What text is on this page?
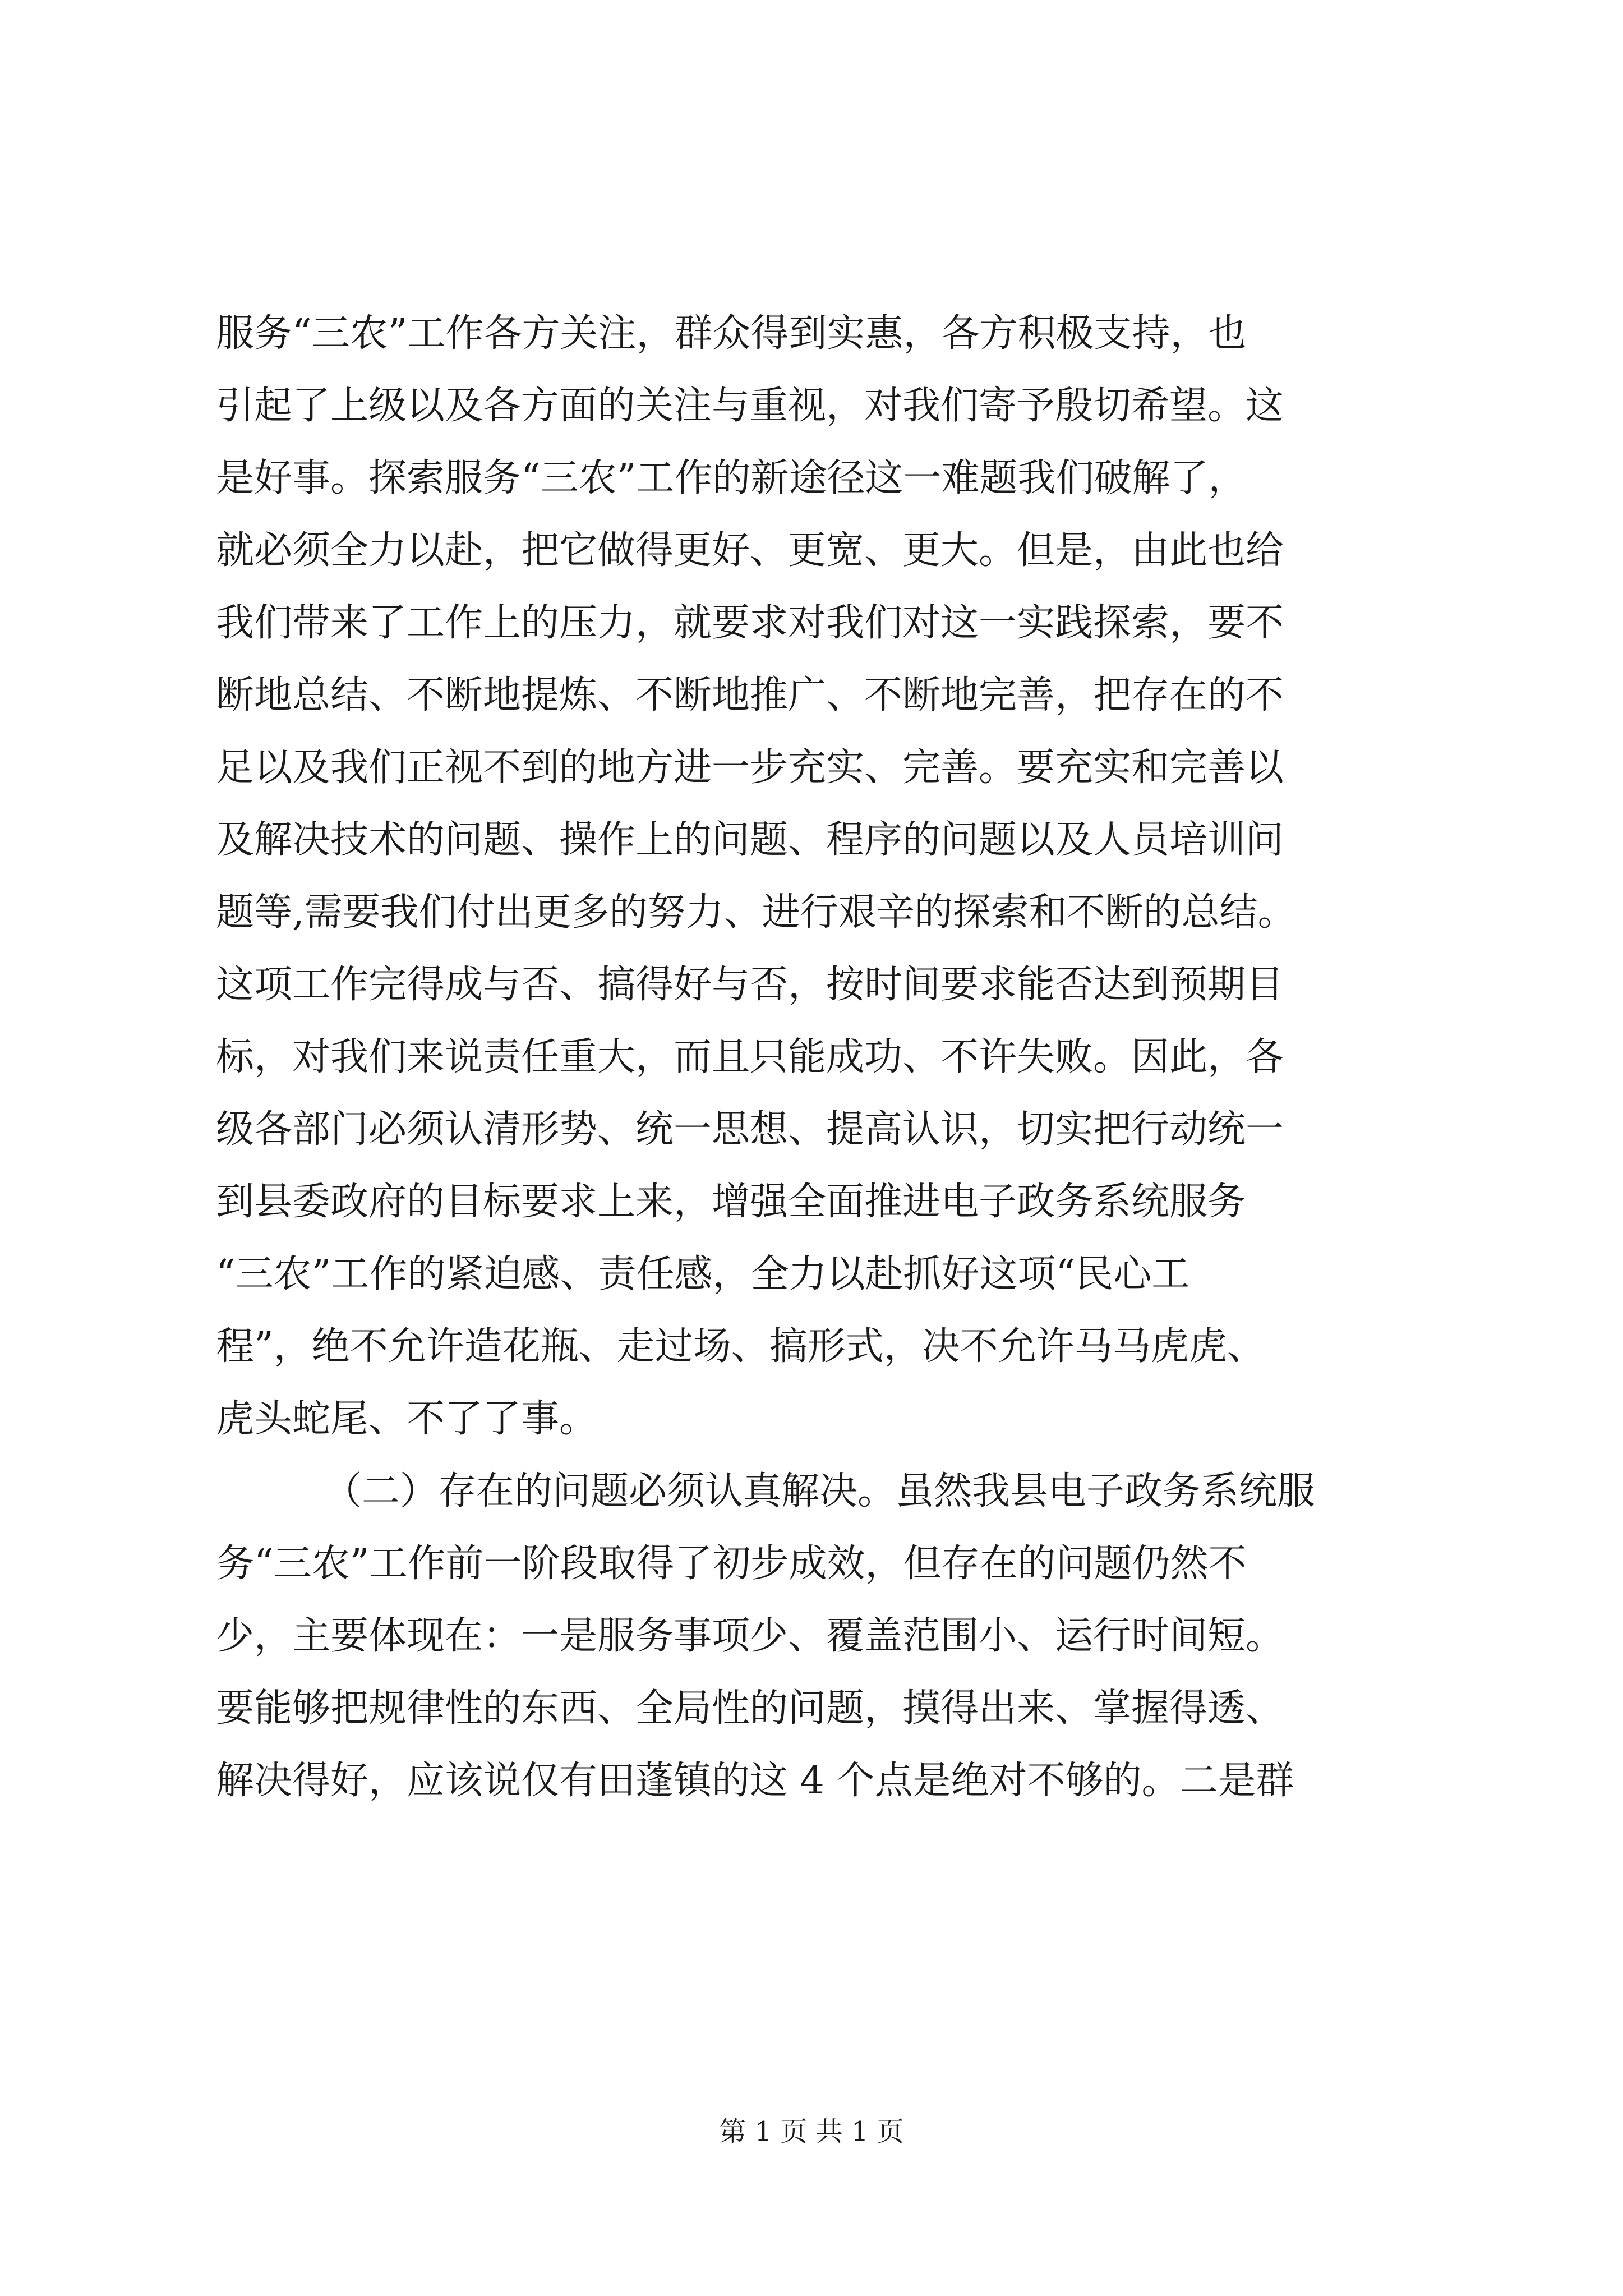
服务“三农”工作各方关注，群众得到实惠，各方积极支持，也
引起了上级以及各方面的关注与重视，对我们寄予殷切希望。这
是好事。探索服务“三农”工作的新途径这一难题我们破解了，
就必须全力以赴，把它做得更好、更宽、更大。但是，由此也给
我们带来了工作上的压力，就要求对我们对这一实践探索，要不
断地总结、不断地提炼、不断地推广、不断地完善，把存在的不
足以及我们正视不到的地方进一步充实、完善。要充实和完善以
及解决技术的问题、操作上的问题、程序的问题以及人员培训问
题等,需要我们付出更多的努力、进行艰辛的探索和不断的总结。
这项工作完得成与否、搞得好与否，按时间要求能否达到预期目
标，对我们来说责任重大，而且只能成功、不许失败。因此，各
级各部门必须认清形势、统一思想、提高认识，切实把行动统一
到县委政府的目标要求上来，增强全面推进电子政务系统服务
“三农”工作的紧迫感、责任感，全力以赴抓好这项“民心工
程”，绝不允许造花瓶、走过场、搞形式，决不允许马马虎虎、
虎头蛇尾、不了了事。
（二）存在的问题必须认真解决。虽然我县电子政务系统服
务“三农”工作前一阶段取得了初步成效，但存在的问题仍然不
少，主要体现在：一是服务事项少、覆盖范围小、运行时间短。
要能够把规律性的东西、全局性的问题，摸得出来、掌握得透、
解决得好，应该说仅有田蓬镇的这 4 个点是绝对不够的。二是群
第 1 页 共 1 页
